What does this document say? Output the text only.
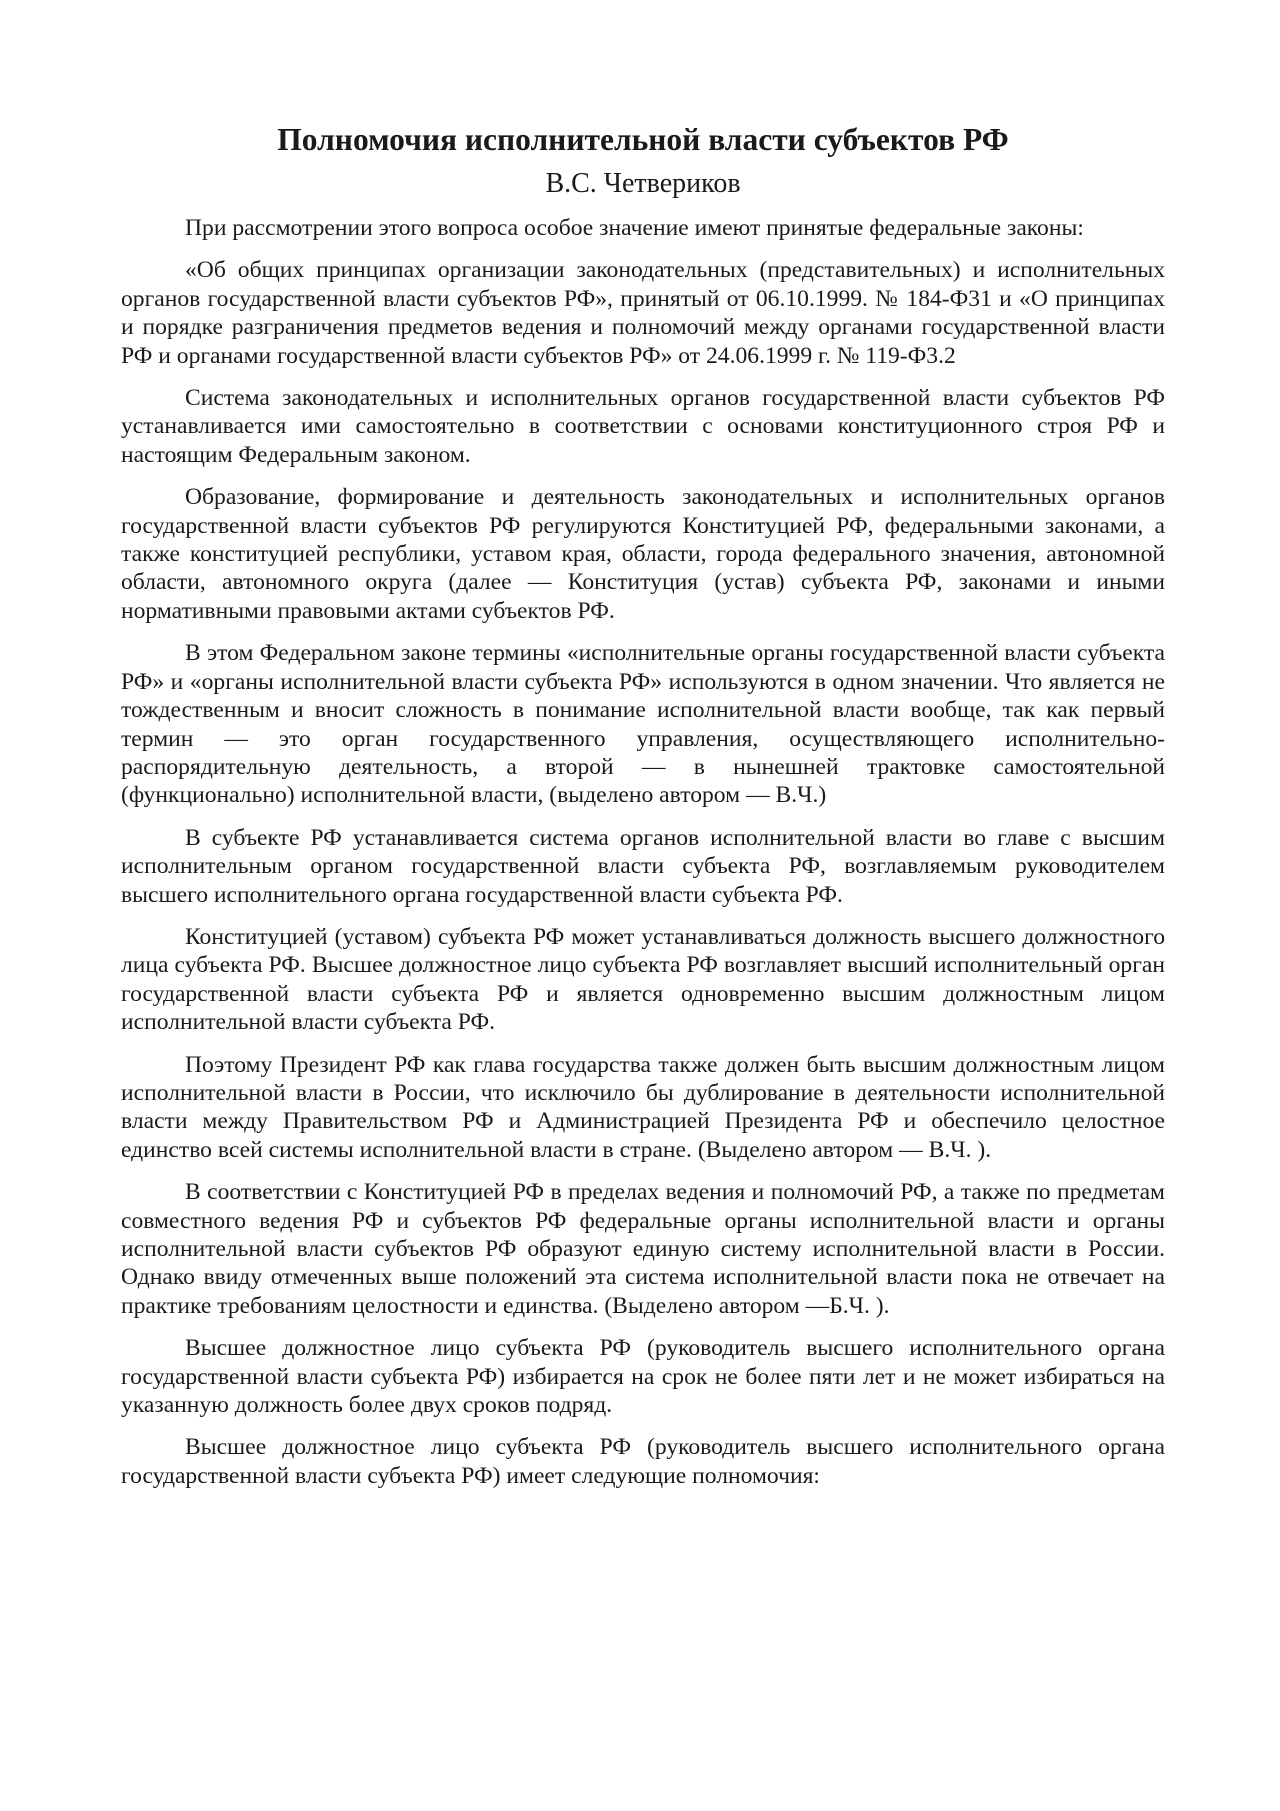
Полномочия исполнительной власти субъектов РФ
В.С. Четвериков

При рассмотрении этого вопроса особое значение имеют принятые федеральные законы:

«Об общих принципах организации законодательных (представительных) и исполнительных органов государственной власти субъектов РФ», принятый от 06.10.1999. № 184-Ф31 и «О принципах и порядке разграничения предметов ведения и полномочий между органами государственной власти РФ и органами государственной власти субъектов РФ» от 24.06.1999 г. № 119-Ф3.2

Система законодательных и исполнительных органов государственной власти субъектов РФ устанавливается ими самостоятельно в соответствии с основами конституционного строя РФ и настоящим Федеральным законом.

Образование, формирование и деятельность законодательных и исполнительных органов государственной власти субъектов РФ регулируются Конституцией РФ, федеральными законами, а также конституцией республики, уставом края, области, города федерального значения, автономной области, автономного округа (далее — Конституция (устав) субъекта РФ, законами и иными нормативными правовыми актами субъектов РФ.

В этом Федеральном законе термины «исполнительные органы государственной власти субъекта РФ» и «органы исполнительной власти субъекта РФ» используются в одном значении. Что является не тождественным и вносит сложность в понимание исполнительной власти вообще, так как первый термин — это орган государственного управления, осуществляющего исполнительно-распорядительную деятельность, а второй — в нынешней трактовке самостоятельной (функционально) исполнительной власти, (выделено автором — В.Ч.)

В субъекте РФ устанавливается система органов исполнительной власти во главе с высшим исполнительным органом государственной власти субъекта РФ, возглавляемым руководителем высшего исполнительного органа государственной власти субъекта РФ.

Конституцией (уставом) субъекта РФ может устанавливаться должность высшего должностного лица субъекта РФ. Высшее должностное лицо субъекта РФ возглавляет высший исполнительный орган государственной власти субъекта РФ и является одновременно высшим должностным лицом исполнительной власти субъекта РФ.

Поэтому Президент РФ как глава государства также должен быть высшим должностным лицом исполнительной власти в России, что исключило бы дублирование в деятельности исполнительной власти между Правительством РФ и Администрацией Президента РФ и обеспечило целостное единство всей системы исполнительной власти в стране. (Выделено автором — В.Ч. ).

В соответствии с Конституцией РФ в пределах ведения и полномочий РФ, а также по предметам совместного ведения РФ и субъектов РФ федеральные органы исполнительной власти и органы исполнительной власти субъектов РФ образуют единую систему исполнительной власти в России. Однако ввиду отмеченных выше положений эта система исполнительной власти пока не отвечает на практике требованиям целостности и единства. (Выделено автором —Б.Ч. ).

Высшее должностное лицо субъекта РФ (руководитель высшего исполнительного органа государственной власти субъекта РФ) избирается на срок не более пяти лет и не может избираться на указанную должность более двух сроков подряд.

Высшее должностное лицо субъекта РФ (руководитель высшего исполнительного органа государственной власти субъекта РФ) имеет следующие полномочия:
